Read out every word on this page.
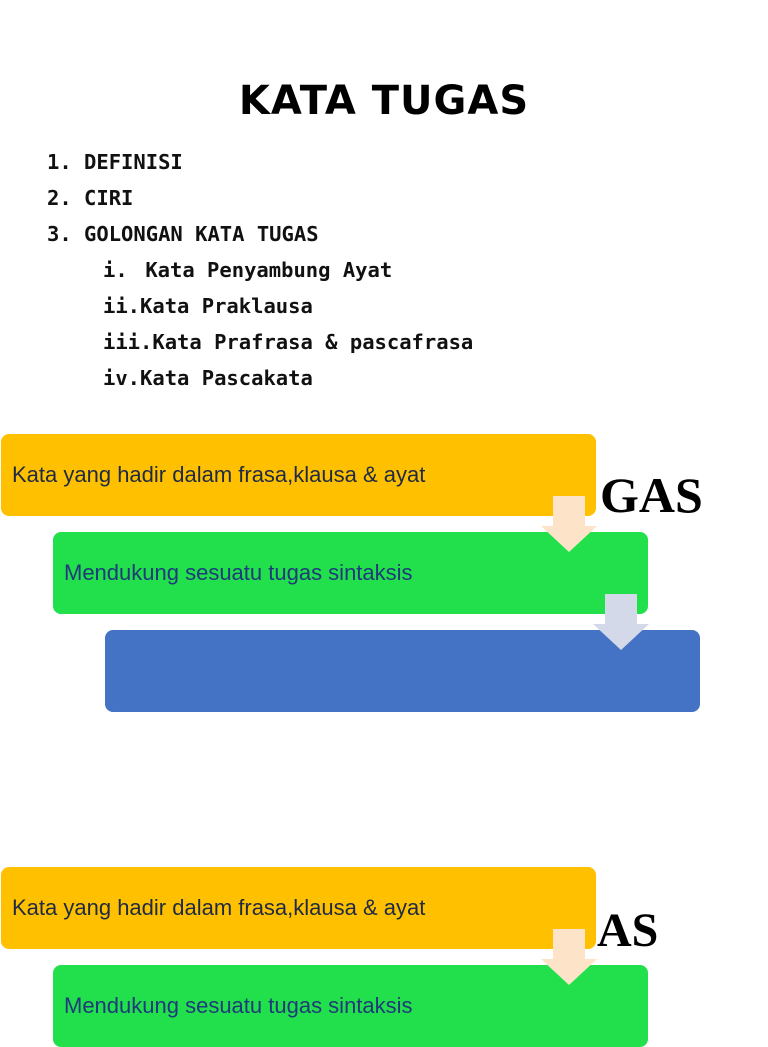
KATA TUGAS
1. DEFINISI
2. CIRI
3. GOLONGAN KATA TUGAS
i. Kata Penyambung Ayat
ii.Kata Praklausa
iii.Kata Prafrasa & pascafrasa
iv.Kata Pascakata
GAS
Kata yang hadir dalam frasa,klausa & ayat
Mendukung sesuatu tugas sintaksis
AS
Kata yang hadir dalam frasa,klausa & ayat
Mendukung sesuatu tugas sintaksis
